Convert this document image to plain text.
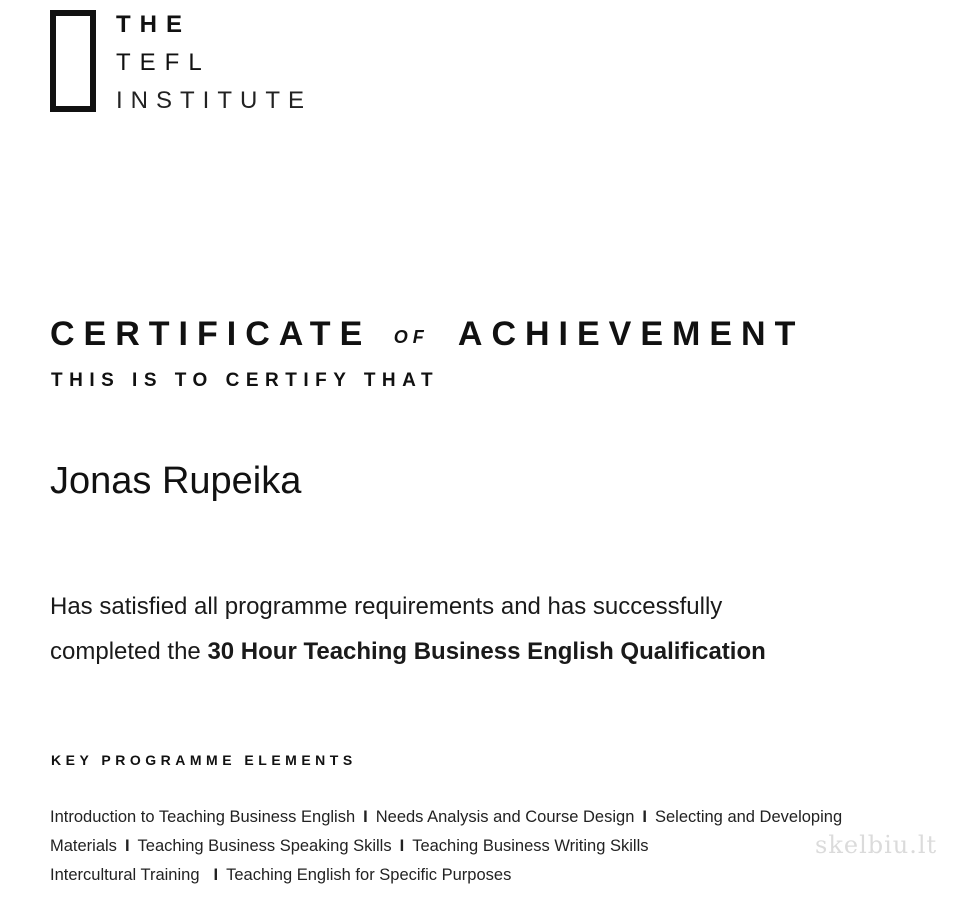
THE
TEFL
INSTITUTE
CERTIFICATE OF ACHIEVEMENT
THIS IS TO CERTIFY THAT
Jonas Rupeika
Has satisfied all programme requirements and has successfully
completed the 30 Hour Teaching Business English Qualification
KEY PROGRAMME ELEMENTS
Introduction to Teaching Business English I Needs Analysis and Course Design I Selecting and Developing Materials I Teaching Business Speaking Skills I Teaching Business Writing Skills
Intercultural Training I Teaching English for Specific Purposes
skelbiu.lt
